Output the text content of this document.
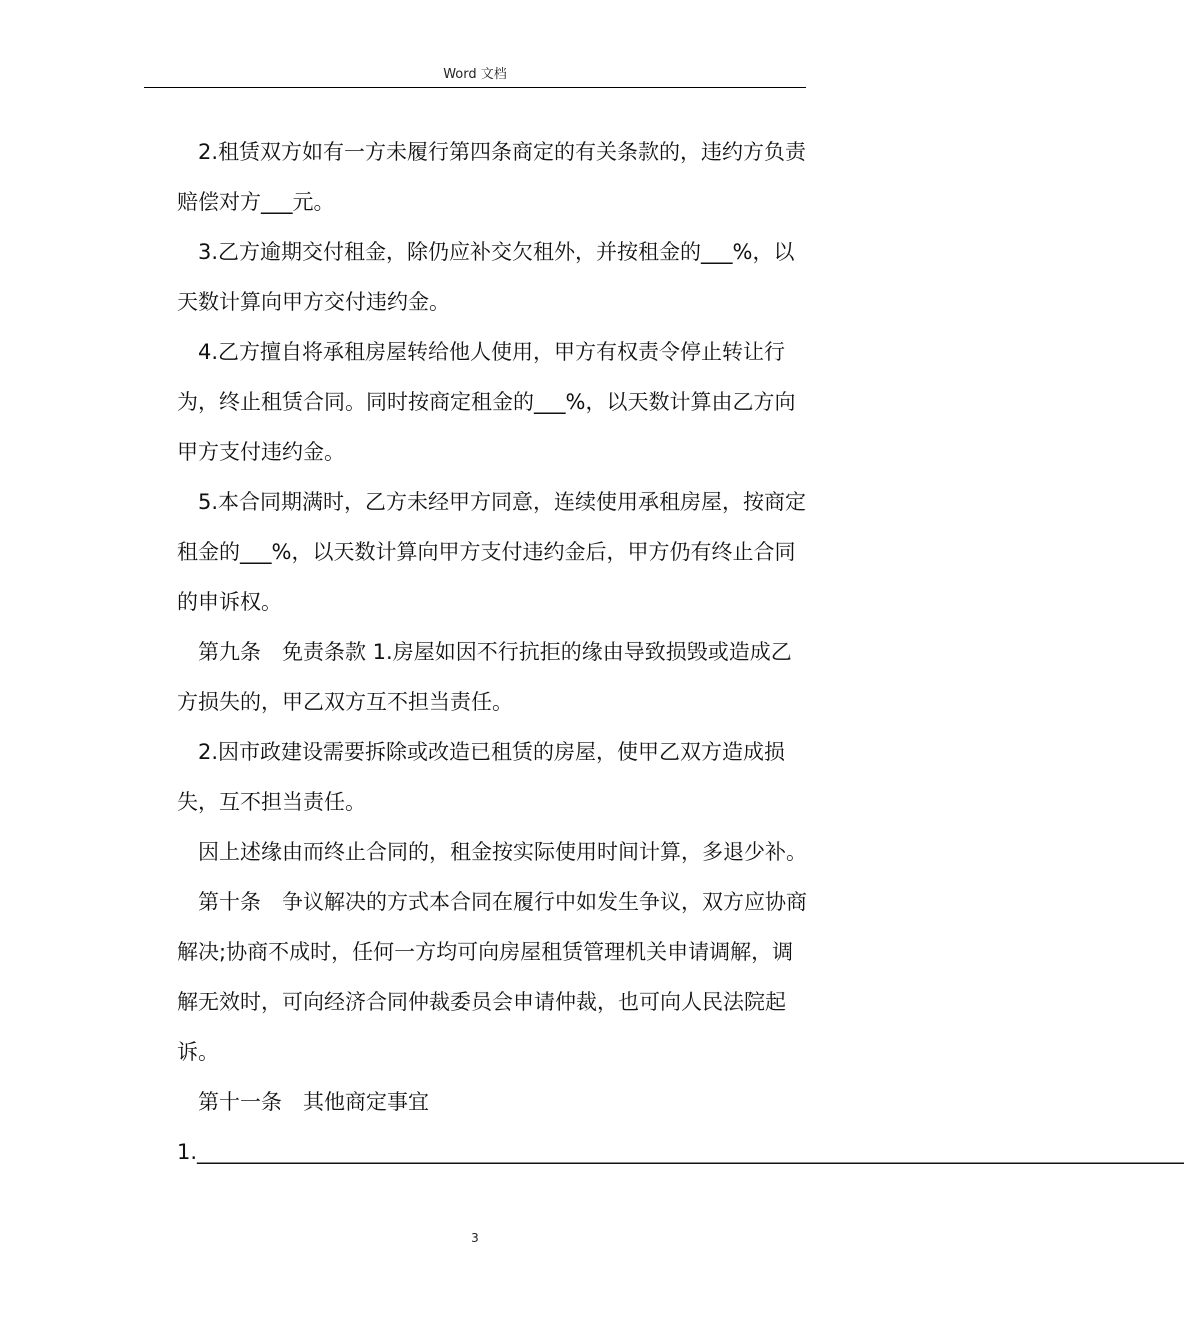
Word 文档

2.租赁双方如有一方未履行第四条商定的有关条款的，违约方负责赔偿对方___元。

3.乙方逾期交付租金，除仍应补交欠租外，并按租金的___%，以天数计算向甲方交付违约金。

4.乙方擅自将承租房屋转给他人使用，甲方有权责令停止转让行为，终止租赁合同。同时按商定租金的___%，以天数计算由乙方向甲方支付违约金。

5.本合同期满时，乙方未经甲方同意，连续使用承租房屋，按商定租金的___%，以天数计算向甲方支付违约金后，甲方仍有终止合同的申诉权。

第九条　免责条款 1.房屋如因不行抗拒的缘由导致损毁或造成乙方损失的，甲乙双方互不担当责任。

2.因市政建设需要拆除或改造已租赁的房屋，使甲乙双方造成损失，互不担当责任。

因上述缘由而终止合同的，租金按实际使用时间计算，多退少补。

第十条　争议解决的方式本合同在履行中如发生争议，双方应协商解决;协商不成时，任何一方均可向房屋租赁管理机关申请调解，调解无效时，可向经济合同仲裁委员会申请仲裁，也可向人民法院起诉。

第十一条　其他商定事宜

1.______________________________________________________________________________________________

3
